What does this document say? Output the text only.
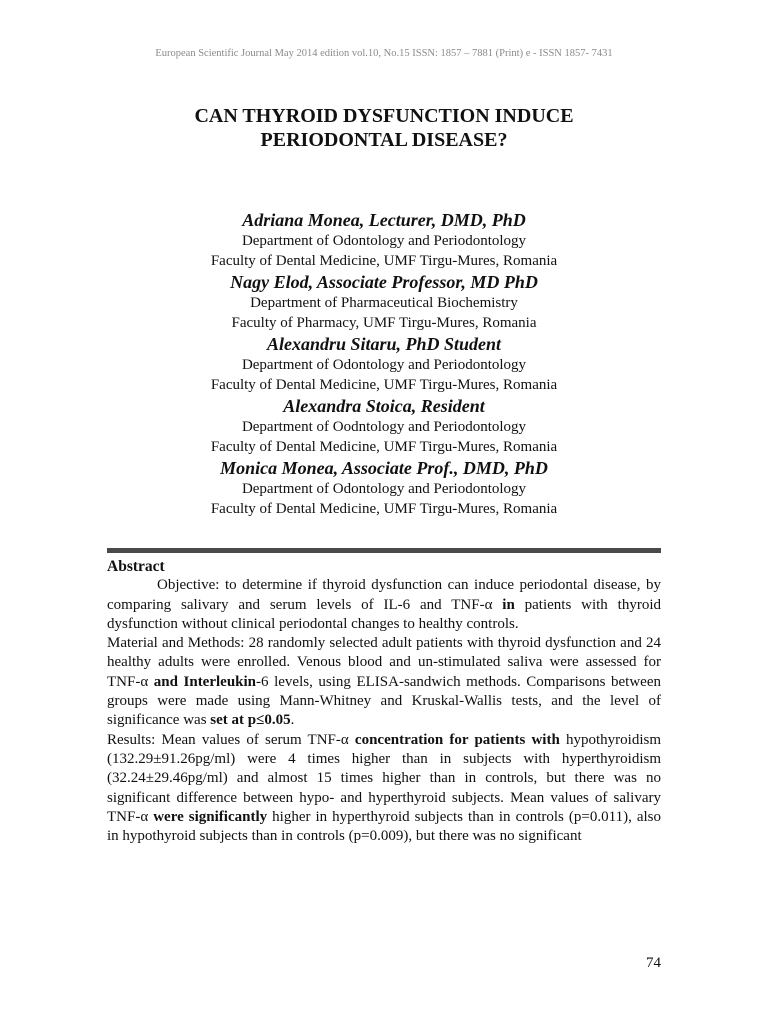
European Scientific Journal May 2014 edition vol.10, No.15 ISSN: 1857 – 7881 (Print) e - ISSN 1857- 7431
CAN THYROID DYSFUNCTION INDUCE
PERIODONTAL DISEASE?
Adriana Monea, Lecturer, DMD, PhD
Department of Odontology and Periodontology
Faculty of Dental Medicine, UMF Tirgu-Mures, Romania
Nagy Elod, Associate Professor, MD PhD
Department of Pharmaceutical Biochemistry
Faculty of Pharmacy, UMF Tirgu-Mures, Romania
Alexandru Sitaru, PhD Student
Department of Odontology and Periodontology
Faculty of Dental Medicine, UMF Tirgu-Mures, Romania
Alexandra Stoica, Resident
Department of Oodntology and Periodontology
Faculty of Dental Medicine, UMF Tirgu-Mures, Romania
Monica Monea, Associate Prof., DMD, PhD
Department of Odontology and Periodontology
Faculty of Dental Medicine, UMF Tirgu-Mures, Romania
Abstract

Objective: to determine if thyroid dysfunction can induce periodontal disease, by comparing salivary and serum levels of IL-6 and TNF-α in patients with thyroid dysfunction without clinical periodontal changes to healthy controls.

Material and Methods: 28 randomly selected adult patients with thyroid dysfunction and 24 healthy adults were enrolled. Venous blood and un-stimulated saliva were assessed for TNF-α and Interleukin-6 levels, using ELISA-sandwich methods. Comparisons between groups were made using Mann-Whitney and Kruskal-Wallis tests, and the level of significance was set at p≤0.05.

Results: Mean values of serum TNF-α concentration for patients with hypothyroidism (132.29±91.26pg/ml) were 4 times higher than in subjects with hyperthyroidism (32.24±29.46pg/ml) and almost 15 times higher than in controls, but there was no significant difference between hypo- and hyperthyroid subjects. Mean values of salivary TNF-α were significantly higher in hyperthyroid subjects than in controls (p=0.011), also in hypothyroid subjects than in controls (p=0.009), but there was no significant

74
